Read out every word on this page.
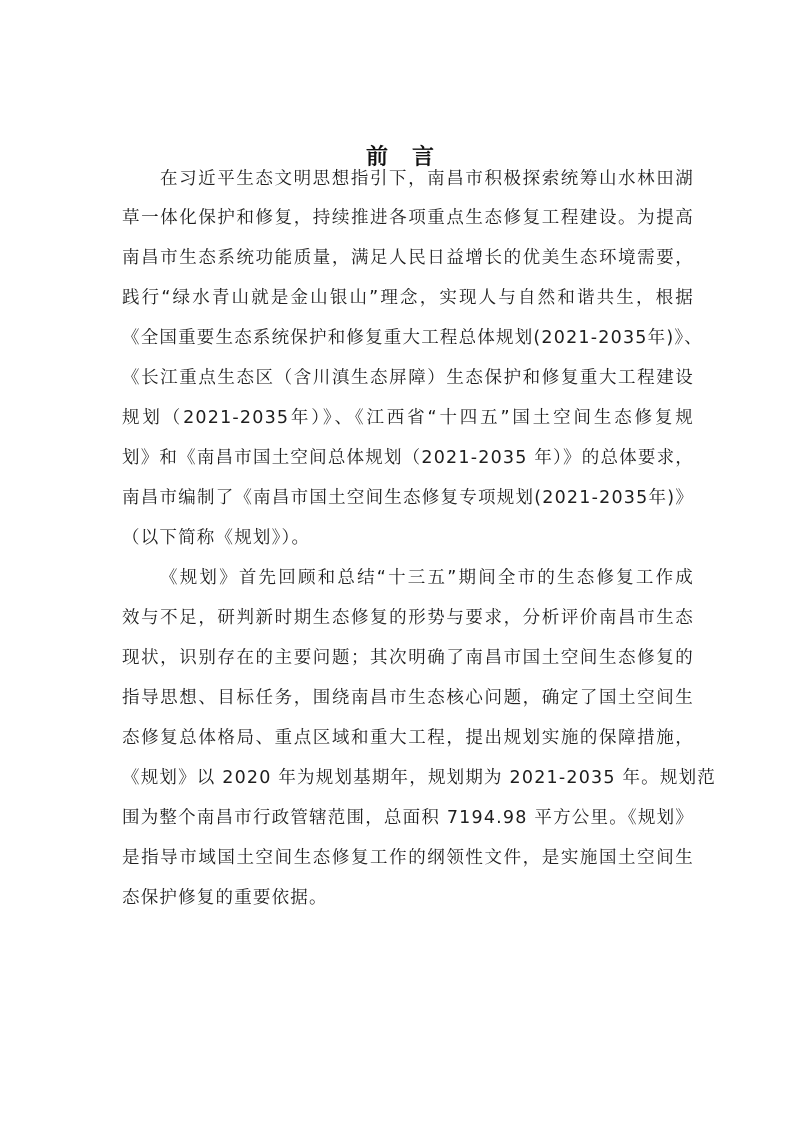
前言
在习近平生态文明思想指引下，南昌市积极探索统筹山水林田湖
草一体化保护和修复，持续推进各项重点生态修复工程建设。为提高
南昌市生态系统功能质量，满足人民日益增长的优美生态环境需要，
践行“绿水青山就是金山银山”理念，实现人与自然和谐共生，根据
《全国重要生态系统保护和修复重大工程总体规划(2021-2035年)》、
《长江重点生态区（含川滇生态屏障）生态保护和修复重大工程建设
规划（2021-2035年）》、《江西省“十四五”国土空间生态修复规
划》和《南昌市国土空间总体规划（2021-2035 年）》的总体要求，
南昌市编制了《南昌市国土空间生态修复专项规划(2021-2035年)》
（以下简称《规划》）。
《规划》首先回顾和总结“十三五”期间全市的生态修复工作成
效与不足，研判新时期生态修复的形势与要求，分析评价南昌市生态
现状，识别存在的主要问题；其次明确了南昌市国土空间生态修复的
指导思想、目标任务，围绕南昌市生态核心问题，确定了国土空间生
态修复总体格局、重点区域和重大工程，提出规划实施的保障措施，
《规划》以 2020 年为规划基期年，规划期为 2021-2035 年。规划范
围为整个南昌市行政管辖范围，总面积 7194.98 平方公里。《规划》
是指导市域国土空间生态修复工作的纲领性文件，是实施国土空间生
态保护修复的重要依据。
